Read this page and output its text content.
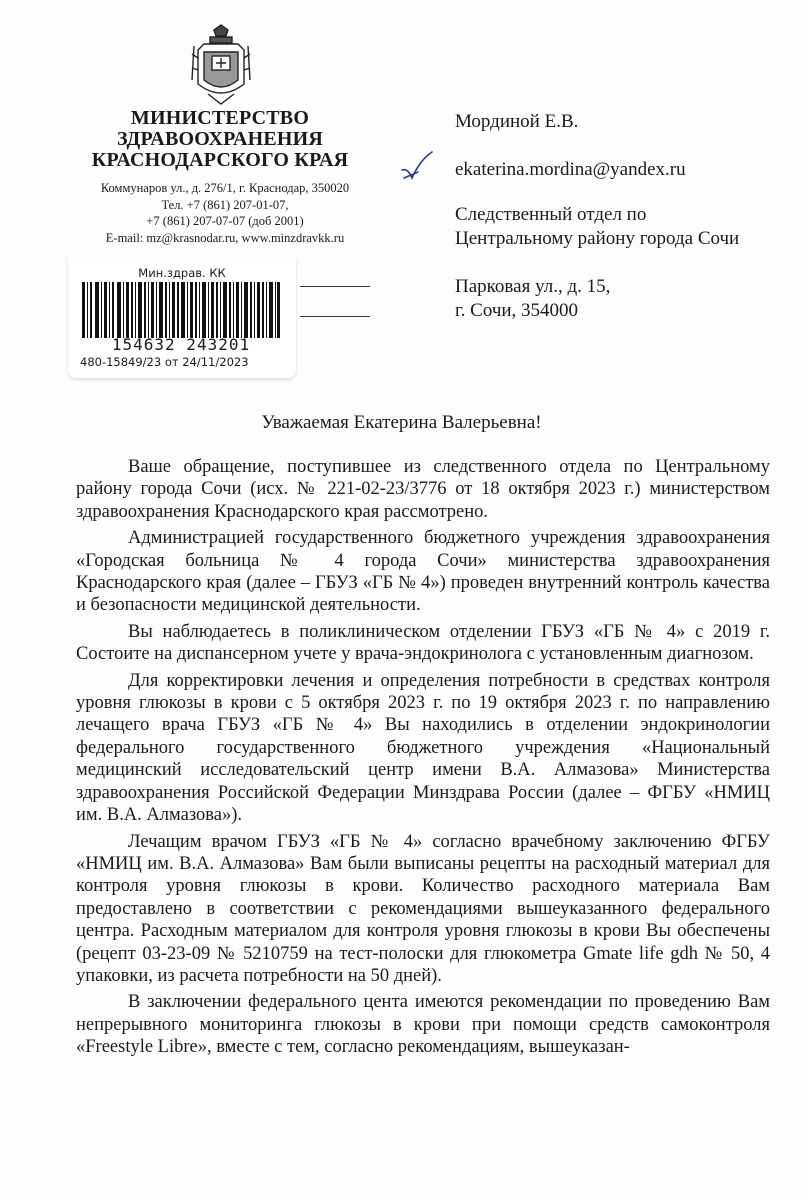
МИНИСТЕРСТВО
ЗДРАВООХРАНЕНИЯ
КРАСНОДАРСКОГО КРАЯ
Коммунаров ул., д. 276/1, г. Краснодар, 350020
Тел. +7 (861) 207-01-07,
+7 (861) 207-07-07 (доб 2001)
E-mail: mz@krasnodar.ru, www.minzdravkk.ru
Мин.здрав. КК
154632 243201
480-15849/23 от 24/11/2023
Мординой Е.В.
ekaterina.mordina@yandex.ru
Следственный отдел по
Центральному району города Сочи
Парковая ул., д. 15,
г. Сочи, 354000
Уважаемая Екатерина Валерьевна!

Ваше обращение, поступившее из следственного отдела по Центральному району города Сочи (исх. № 221-02-23/3776 от 18 октября 2023 г.) министерством здравоохранения Краснодарского края рассмотрено.

Администрацией государственного бюджетного учреждения здравоохранения «Городская больница № 4 города Сочи» министерства здравоохранения Краснодарского края (далее – ГБУЗ «ГБ № 4») проведен внутренний контроль качества и безопасности медицинской деятельности.

Вы наблюдаетесь в поликлиническом отделении ГБУЗ «ГБ № 4» с 2019 г. Состоите на диспансерном учете у врача-эндокринолога с установленным диагнозом.

Для корректировки лечения и определения потребности в средствах контроля уровня глюкозы в крови с 5 октября 2023 г. по 19 октября 2023 г. по направлению лечащего врача ГБУЗ «ГБ № 4» Вы находились в отделении эндокринологии федерального государственного бюджетного учреждения «Национальный медицинский исследовательский центр имени В.А. Алмазова» Министерства здравоохранения Российской Федерации Минздрава России (далее – ФГБУ «НМИЦ им. В.А. Алмазова»).

Лечащим врачом ГБУЗ «ГБ № 4» согласно врачебному заключению ФГБУ «НМИЦ им. В.А. Алмазова» Вам были выписаны рецепты на расходный материал для контроля уровня глюкозы в крови. Количество расходного материала Вам предоставлено в соответствии с рекомендациями вышеуказанного федерального центра. Расходным материалом для контроля уровня глюкозы в крови Вы обеспечены (рецепт 03-23-09 № 5210759 на тест-полоски для глюкометра Gmate life gdh № 50, 4 упаковки, из расчета потребности на 50 дней).

В заключении федерального цента имеются рекомендации по проведению Вам непрерывного мониторинга глюкозы в крови при помощи средств самоконтроля «Freestyle Libre», вместе с тем, согласно рекомендациям, вышеуказан-
